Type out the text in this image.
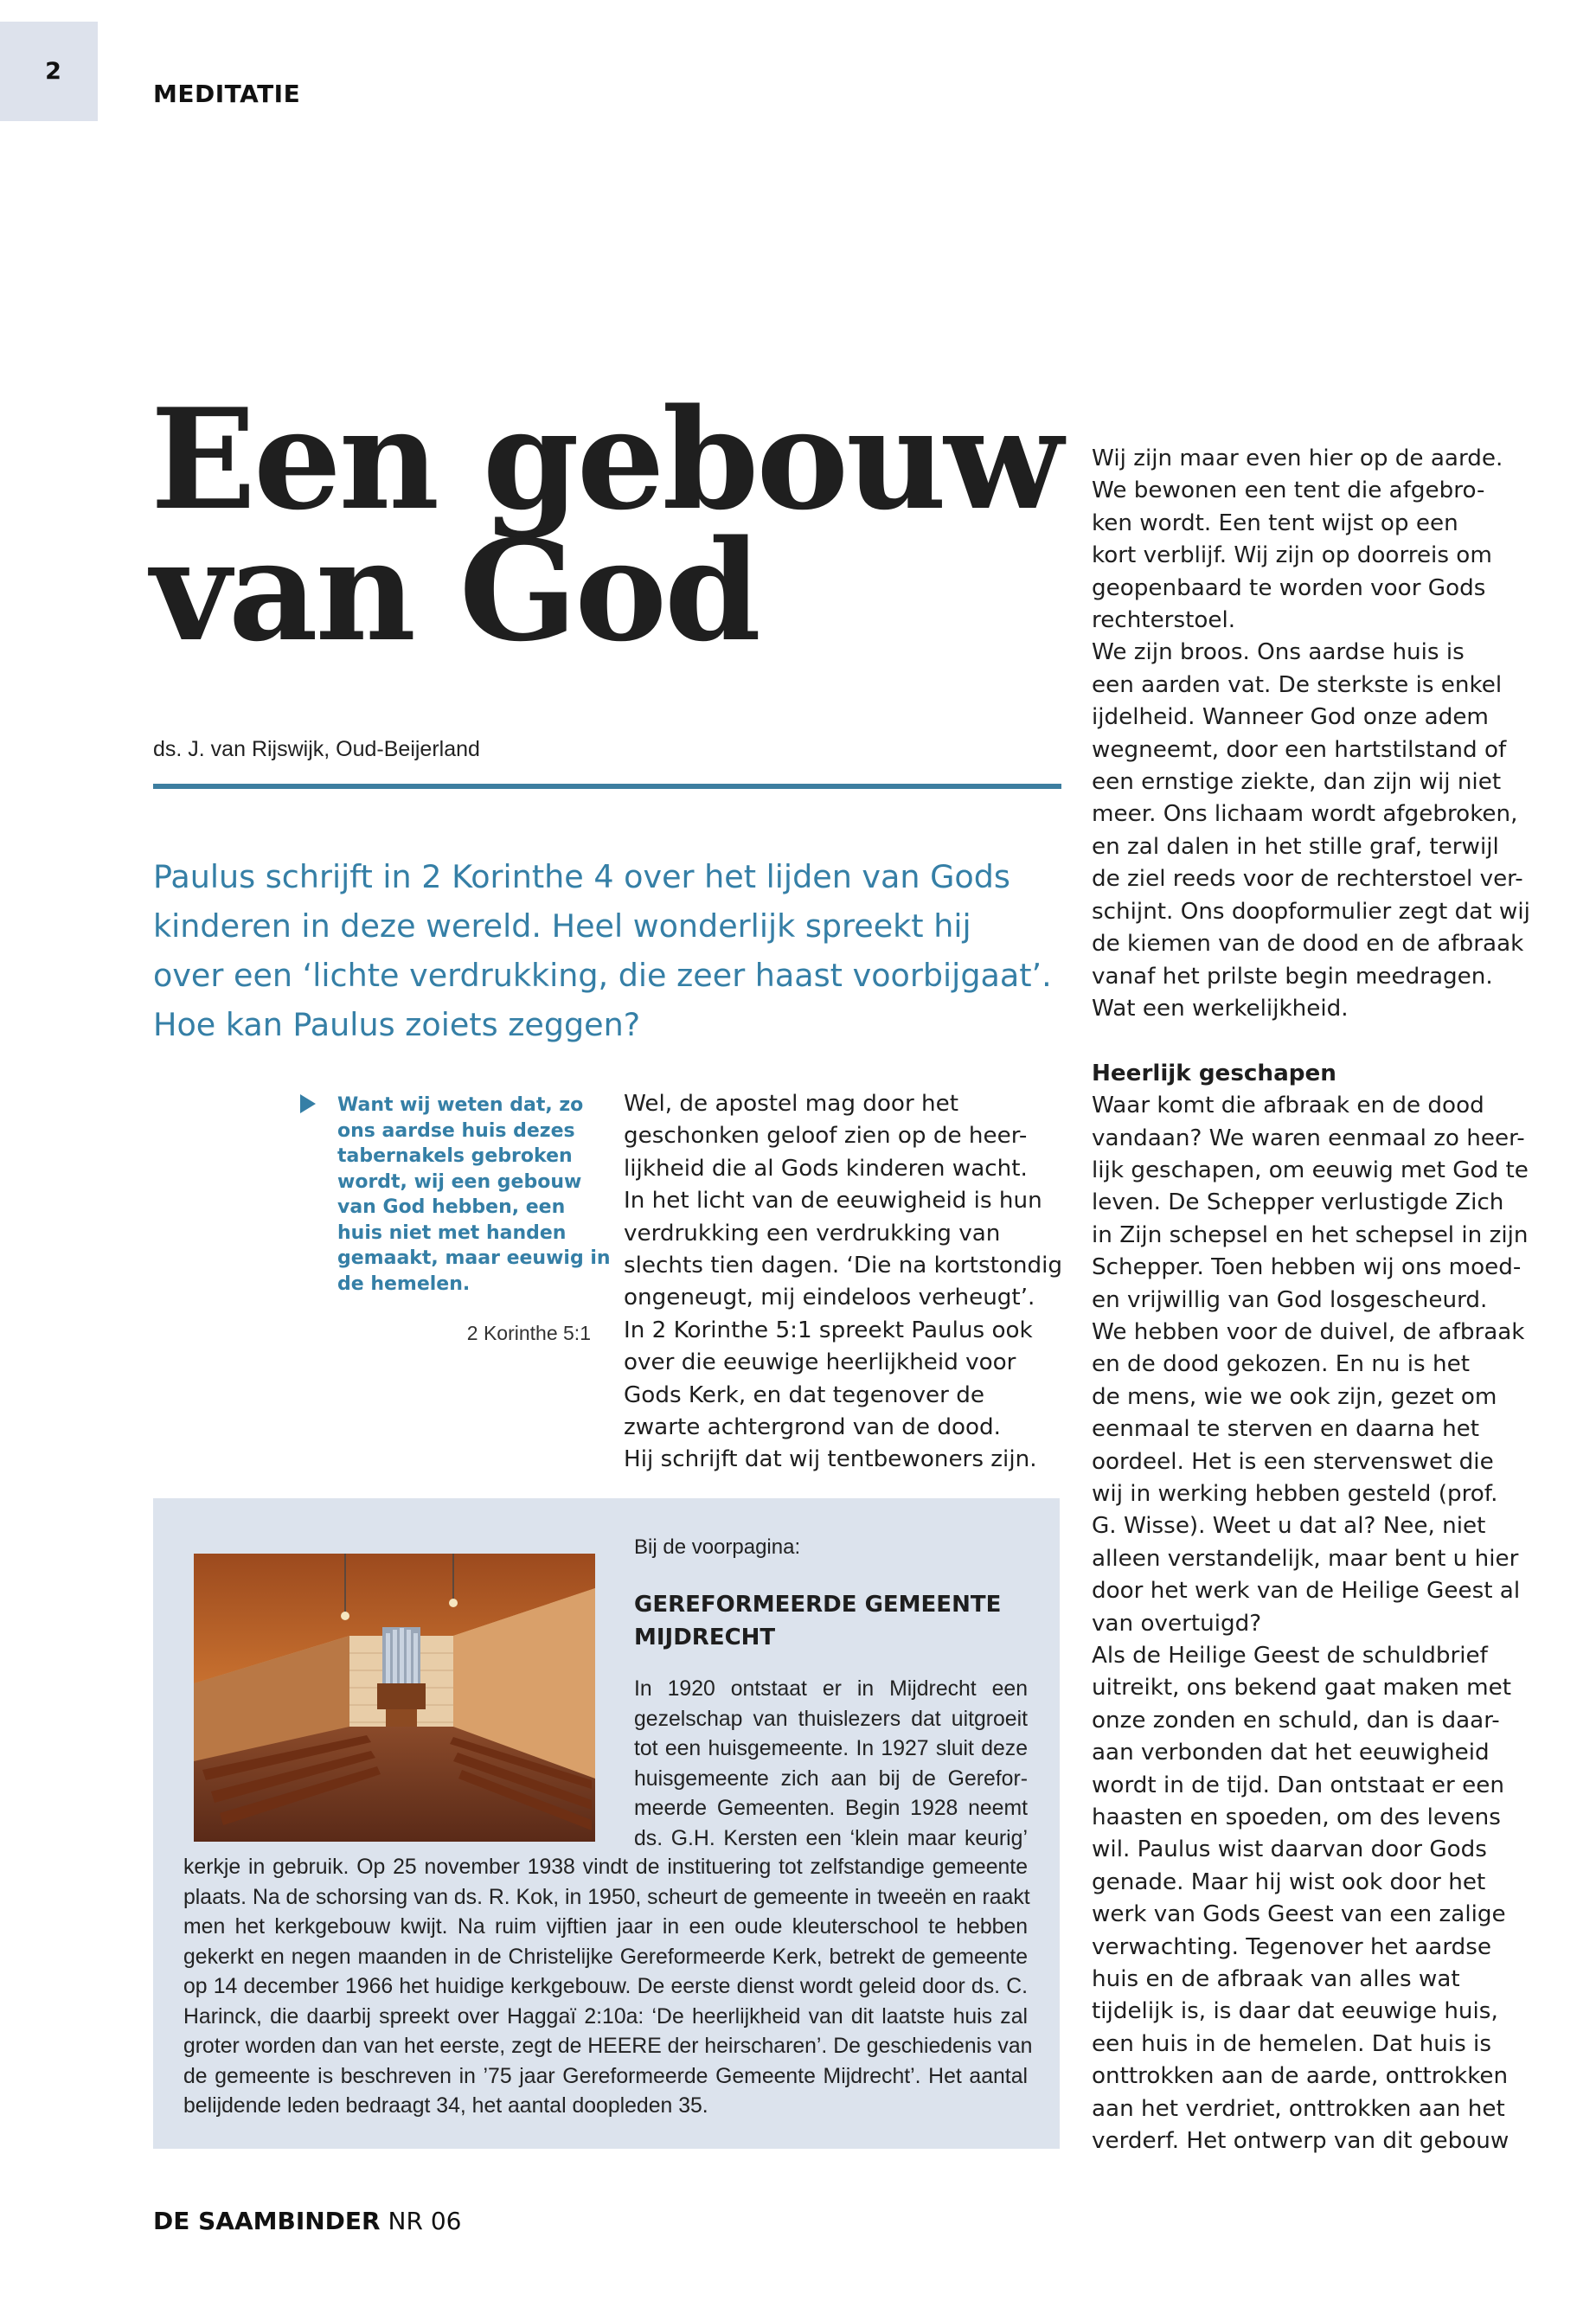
2
MEDITATIE
Een gebouw
van God
ds. J. van Rijswijk, Oud-Beijerland

Paulus schrijft in 2 Korinthe 4 over het lijden van Gods
kinderen in deze wereld. Heel wonderlijk spreekt hij
over een ‘lichte verdrukking, die zeer haast voorbijgaat’.
Hoe kan Paulus zoiets zeggen?

Want wij weten dat, zo
ons aardse huis dezes
tabernakels gebroken
wordt, wij een gebouw
van God hebben, een
huis niet met handen
gemaakt, maar eeuwig in
de hemelen.

2 Korinthe 5:1

Wel, de apostel mag door het
geschonken geloof zien op de heer-
lijkheid die al Gods kinderen wacht.
In het licht van de eeuwigheid is hun
verdrukking een verdrukking van
slechts tien dagen. ‘Die na kortstondig
ongeneugt, mij eindeloos verheugt’.
In 2 Korinthe 5:1 spreekt Paulus ook
over die eeuwige heerlijkheid voor
Gods Kerk, en dat tegenover de
zwarte achtergrond van de dood.
Hij schrijft dat wij tentbewoners zijn.

Wij zijn maar even hier op de aarde.
We bewonen een tent die afgebro-
ken wordt. Een tent wijst op een
kort verblijf. Wij zijn op doorreis om
geopenbaard te worden voor Gods
rechterstoel.
We zijn broos. Ons aardse huis is
een aarden vat. De sterkste is enkel
ijdelheid. Wanneer God onze adem
wegneemt, door een hartstilstand of
een ernstige ziekte, dan zijn wij niet
meer. Ons lichaam wordt afgebroken,
en zal dalen in het stille graf, terwijl
de ziel reeds voor de rechterstoel ver-
schijnt. Ons doopformulier zegt dat wij
de kiemen van de dood en de afbraak
vanaf het prilste begin meedragen.
Wat een werkelijkheid.
Heerlijk geschapen
Waar komt die afbraak en de dood
vandaan? We waren eenmaal zo heer-
lijk geschapen, om eeuwig met God te
leven. De Schepper verlustigde Zich
in Zijn schepsel en het schepsel in zijn
Schepper. Toen hebben wij ons moed-
en vrijwillig van God losgescheurd.
We hebben voor de duivel, de afbraak
en de dood gekozen. En nu is het
de mens, wie we ook zijn, gezet om
eenmaal te sterven en daarna het
oordeel. Het is een stervenswet die
wij in werking hebben gesteld (prof.
G. Wisse). Weet u dat al? Nee, niet
alleen verstandelijk, maar bent u hier
door het werk van de Heilige Geest al
van overtuigd?
Als de Heilige Geest de schuldbrief
uitreikt, ons bekend gaat maken met
onze zonden en schuld, dan is daar-
aan verbonden dat het eeuwigheid
wordt in de tijd. Dan ontstaat er een
haasten en spoeden, om des levens
wil. Paulus wist daarvan door Gods
genade. Maar hij wist ook door het
werk van Gods Geest van een zalige
verwachting. Tegenover het aardse
huis en de afbraak van alles wat
tijdelijk is, is daar dat eeuwige huis,
een huis in de hemelen. Dat huis is
onttrokken aan de aarde, onttrokken
aan het verdriet, onttrokken aan het
verderf. Het ontwerp van dit gebouw
Bij de voorpagina:

GEREFORMEERDE GEMEENTE
MIJDRECHT

In 1920 ontstaat er in Mijdrecht een
gezelschap van thuislezers dat uitgroeit
tot een huisgemeente. In 1927 sluit deze
huisgemeente zich aan bij de Gerefor-
meerde Gemeenten. Begin 1928 neemt
ds. G.H. Kersten een ‘klein maar keurig’

kerkje in gebruik. Op 25 november 1938 vindt de instituering tot zelfstandige gemeente
plaats. Na de schorsing van ds. R. Kok, in 1950, scheurt de gemeente in tweeën en raakt
men het kerkgebouw kwijt. Na ruim vijftien jaar in een oude kleuterschool te hebben
gekerkt en negen maanden in de Christelijke Gereformeerde Kerk, betrekt de gemeente
op 14 december 1966 het huidige kerkgebouw. De eerste dienst wordt geleid door ds. C.
Harinck, die daarbij spreekt over Haggaï 2:10a: ‘De heerlijkheid van dit laatste huis zal
groter worden dan van het eerste, zegt de HEERE der heirscharen’. De geschiedenis van
de gemeente is beschreven in ’75 jaar Gereformeerde Gemeente Mijdrecht’. Het aantal
belijdende leden bedraagt 34, het aantal doopleden 35.

DE SAAMBINDER NR 06
